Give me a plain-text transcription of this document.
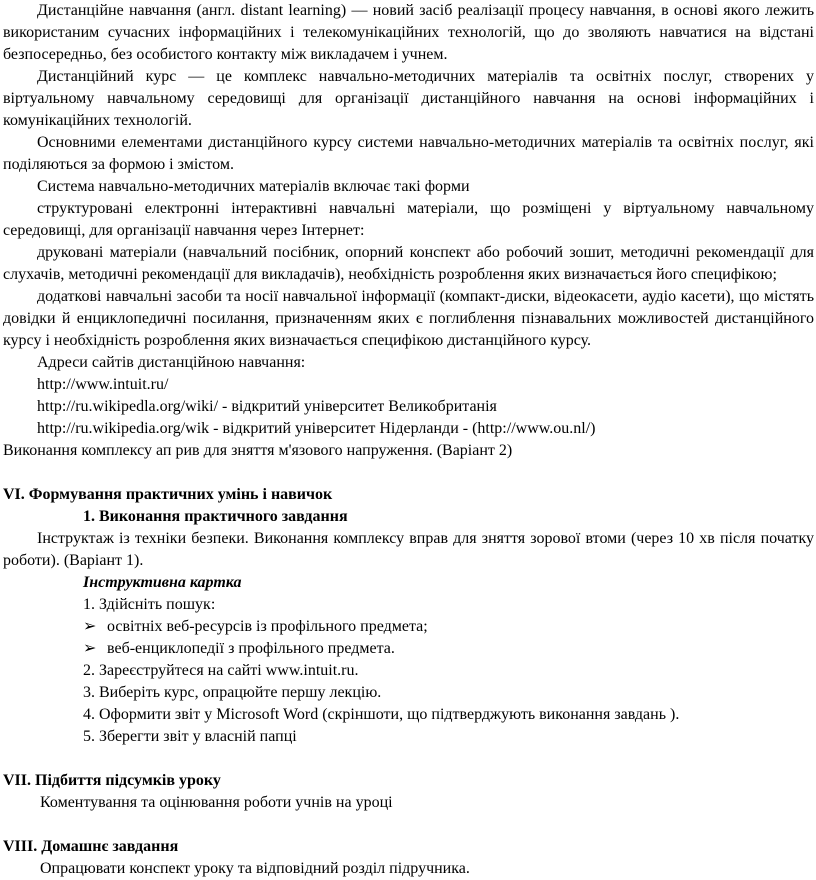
Дистанційне навчання (англ. distant learning) — новий засіб реалізації процесу навчання, в основі якого лежить використаним сучасних інформаційних і телекомунікаційних технологій, що до зволяють навчатися на відстані безпосередньо, без особистого контакту між викладачем і учнем.

Дистанційний курс — це комплекс навчально-методичних матеріалів та освітніх послуг, створених у віртуальному навчальному середовищі для організації дистанційного навчання на основі інформаційних і комунікаційних технологій.

Основними елементами дистанційного курсу системи навчально-методичних матеріалів та освітніх послуг, які поділяються за формою і змістом.

Система навчально-методичних матеріалів включає такі форми

структуровані електронні інтерактивні навчальні матеріали, що розміщені у віртуальному навчальному середовищі, для організації навчання через Інтернет:

друковані матеріали (навчальний посібник, опорний конспект або робочий зошит, методичні рекомендації для слухачів, методичні рекомендації для викладачів), необхідність розроблення яких визначається його специфікою;

додаткові навчальні засоби та носії навчальної інформації (компакт-диски, відеокасети, аудіо касети), що містять довідки й енциклопедичні посилання, призначенням яких є поглиблення пізнавальних можливостей дистанційного курсу і необхідність розроблення яких визначається специфікою дистанційного курсу.

Адреси сайтів дистанційною навчання:

http://www.intuit.ru/

http://ru.wikipedla.org/wiki/ - відкритий університет Великобританія

http://ru.wikipedia.org/wik - відкритий університет Нідерланди - (http://www.ou.nl/)

Виконання комплексу ап рив для зняття м'язового напруження. (Варіант 2)

VI. Формування практичних умінь і навичок
1. Виконання практичного завдання

Інструктаж із техніки безпеки. Виконання комплексу вправ для зняття зорової втоми (через 10 хв після початку роботи). (Варіант 1).

Інструктивна картка

1. Здійсніть пошук:

➢ освітніх веб-ресурсів із профільного предмета;
➢ веб-енциклопедії з профільного предмета.

2. Зареєструйтеся на сайті www.intuit.ru.

3. Виберіть курс, опрацюйте першу лекцію.

4. Оформити звіт у Microsoft Word (скріншоти, що підтверджують виконання завдань ).

5. Зберегти звіт у власній папці

VII. Підбиття підсумків уроку

Коментування та оцінювання роботи учнів на уроці

VIII. Домашнє завдання

Опрацювати конспект уроку та відповідний розділ підручника.
